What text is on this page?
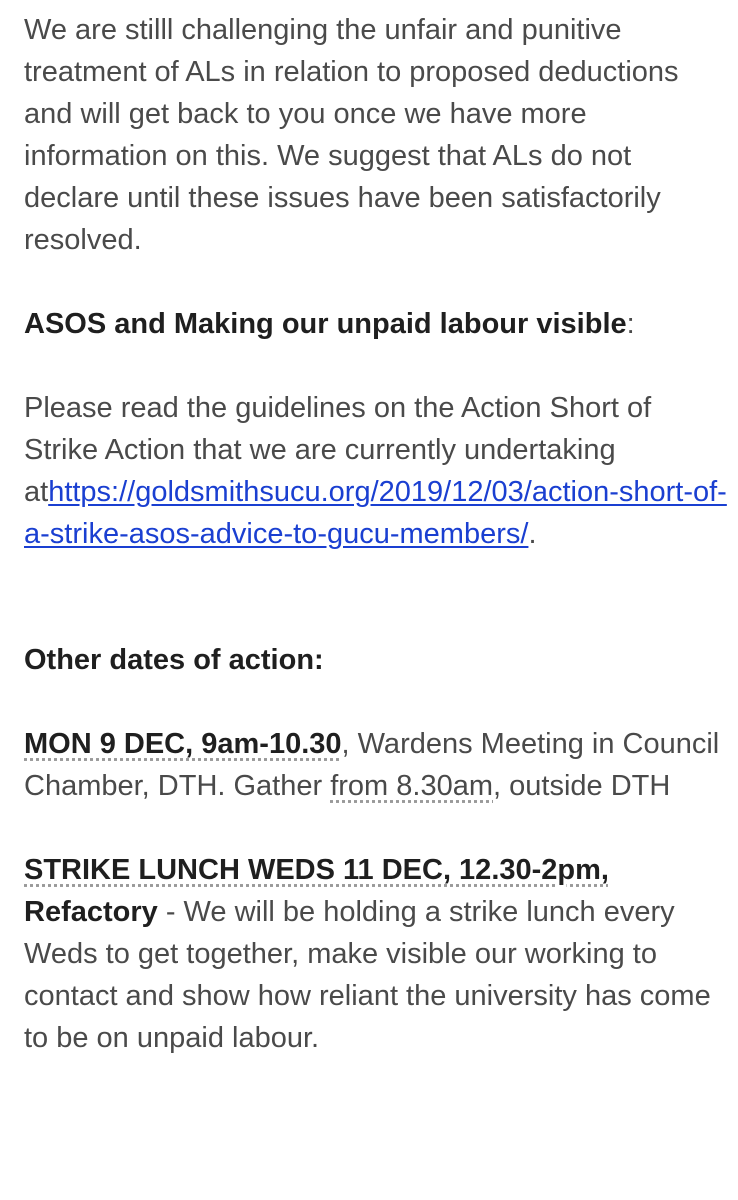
We are stilll challenging the unfair and punitive treatment of ALs in relation to proposed deductions and will get back to you once we have more information on this. We suggest that ALs do not declare until these issues have been satisfactorily resolved.

ASOS and Making our unpaid labour visible:

Please read the guidelines on the Action Short of Strike Action that we are currently undertaking athttps://goldsmithsucu.org/2019/12/03/action-short-of-a-strike-asos-advice-to-gucu-members/.

Other dates of action:

MON 9 DEC, 9am-10.30, Wardens Meeting in Council Chamber, DTH. Gather from 8.30am, outside DTH

STRIKE LUNCH WEDS 11 DEC, 12.30-2pm,
Refactory - We will be holding a strike lunch every Weds to get together, make visible our working to contact and show how reliant the university has come to be on unpaid labour.
